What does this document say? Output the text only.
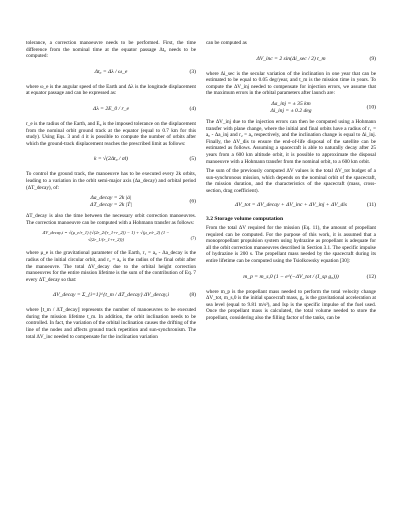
tolerance, a correction manoeuvre needs to be performed. First, the time difference from the nominal time at the equator passage Δt₀ needs to be computed:

Δt₀ = Δλ / ω_e	(3)

where ω_e is the angular speed of the Earth and Δλ is the longitude displacement at equator passage and can be expressed as:

Δλ = 2E_0 / r_e	(4)

r_e is the radius of the Earth, and E₀ is the imposed tolerance on the displacement from the nominal orbit ground track at the equator (equal to 0.7 km for this study). Using Eqs. 3 and 4 it is possible to compute the number of orbits after which the ground-track displacement reaches the prescribed limit as follows:

k = √(2Δt₀ / σṫ)	(5)

To control the ground track, the manoeuvre has to be executed every 2k orbits, leading to a variation in the orbit semi-major axis (Δa_decay) and orbital period (ΔT_decay), of:

Δa_decay = 2k |ȧ|
ΔT_decay = 2k |Ṫ|
(6)

ΔT_decay is also the time between the necessary orbit correction manoeuvres. The correction manoeuvre can be computed with a Hohmann transfer as follows:

ΔV_decay,i = √(μ_e/r_1) (√(2r_2/(r_1+r_2)) − 1) + √(μ_e/r_2) (1 − √(2r_1/(r_1+r_2)))	(7)

where μ_e is the gravitational parameter of the Earth, r₁ = a₀ - Δa_decay is the radius of the initial circular orbit, and r₂ = a₀ is the radius of the final orbit after the manoeuvre. The total ΔV_decay due to the orbital height correction manoeuvres for the entire mission lifetime is the sum of the contribution of Eq. 7 every ΔT_decay so that:

ΔV_decay = Σ_{i=1}^{t_m / ΔT_decay} ΔV_decay,i	(8)

where ⌊t_m / ΔT_decay⌋ represents the number of manoeuvres to be executed during the mission lifetime t_m. In addition, the orbit inclination needs to be controlled. In fact, the variation of the orbital inclination causes the drifting of the line of the nodes and affects ground track repetition and sun-synchronism. The total ΔV_inc needed to compensate for the inclination variation

can be computed as

ΔV_inc = 2 sin(Δi_sec / 2) t_m	(9)

where Δi_sec is the secular variation of the inclination in one year that can be estimated to be equal to 0.05 deg/year, and t_m is the mission time in years. To compute the ΔV_inj needed to compensate for injection errors, we assume that the maximum errors in the orbital parameters after launch are:

Δa_inj = ± 35 km
Δi_inj = ± 0.2 deg
(10)

The ΔV_inj due to the injection errors can then be computed using a Hohmann transfer with plane change, where the initial and final orbits have a radius of r₁ = a₀ - Δa_inj and r₂ = a₀ respectively, and the inclination change is equal to Δi_inj. Finally, the ΔV_dis to ensure the end-of-life disposal of the satellite can be estimated as follows. Assuming a spacecraft is able to naturally decay after 25 years from a 600 km altitude orbit, it is possible to approximate the disposal manoeuvre with a Hohmann transfer from the nominal orbit, to a 600 km orbit.

The sum of the previously computed ΔV values is the total ΔV_tot budget of a sun-synchronous mission, which depends on the nominal orbit of the spacecraft, the mission duration, and the characteristics of the spacecraft (mass, cross-section, drag coefficient).

ΔV_tot = ΔV_decay + ΔV_inc + ΔV_inj + ΔV_dis	(11)
3.2 Storage volume computation

From the total ΔV required for the mission (Eq. 11), the amount of propellant required can be computed. For the purpose of this work, it is assumed that a monopropellant propulsion system using hydrazine as propellant is adequate for all the orbit correction manoeuvres described in Section 3.1. The specific impulse of hydrazine is 200 s. The propellant mass needed by the spacecraft during its entire lifetime can be computed using the Tsiolkowsky equation [30]:

m_p = m_s,0 (1 − e^(−ΔV_tot / (I_sp g₀)))	(12)

where m_p is the propellant mass needed to perform the total velocity change ΔV_tot, m_s,0 is the initial spacecraft mass, g₀ is the gravitational acceleration at sea level (equal to 9.81 m/s²), and Isp is the specific impulse of the fuel used. Once the propellant mass is calculated, the total volume needed to store the propellant, considering also the filling factor of the tanks, can be
